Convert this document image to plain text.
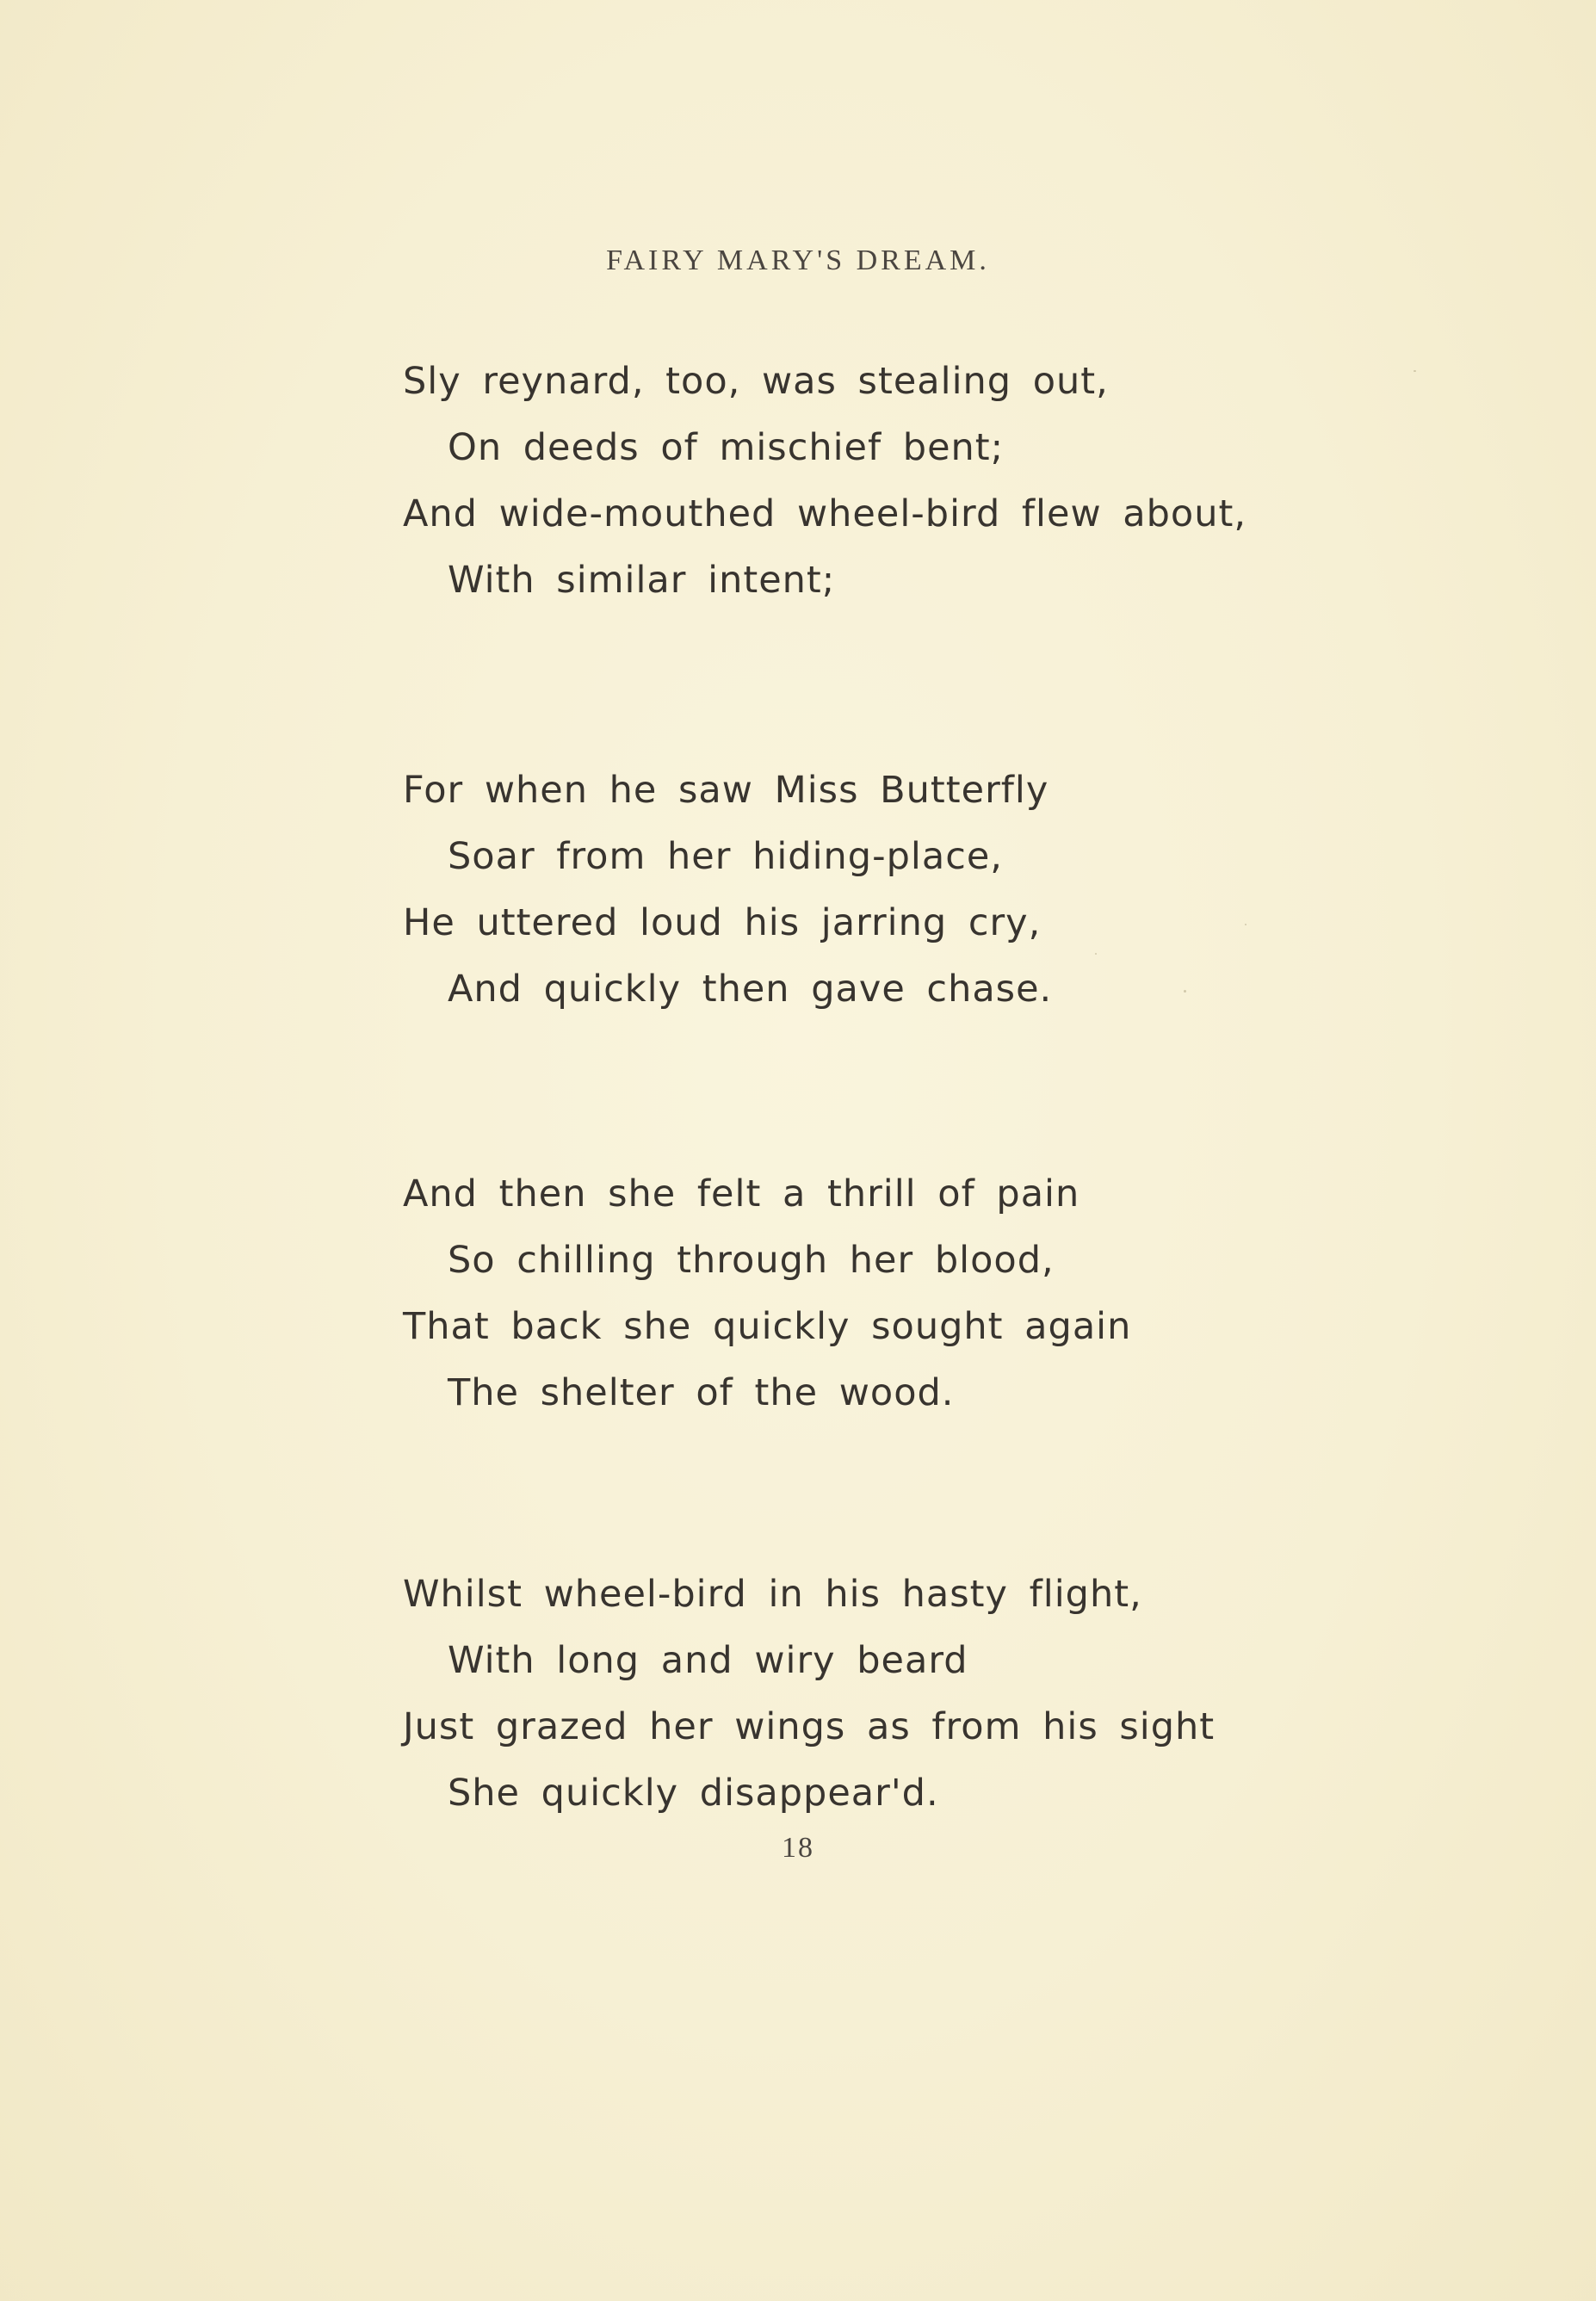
FAIRY MARY'S DREAM.
Sly reynard, too, was stealing out,
On deeds of mischief bent;
And wide-mouthed wheel-bird flew about,
With similar intent;
For when he saw Miss Butterfly
Soar from her hiding-place,
He uttered loud his jarring cry,
And quickly then gave chase.
And then she felt a thrill of pain
So chilling through her blood,
That back she quickly sought again
The shelter of the wood.
Whilst wheel-bird in his hasty flight,
With long and wiry beard
Just grazed her wings as from his sight
She quickly disappear'd.
18
